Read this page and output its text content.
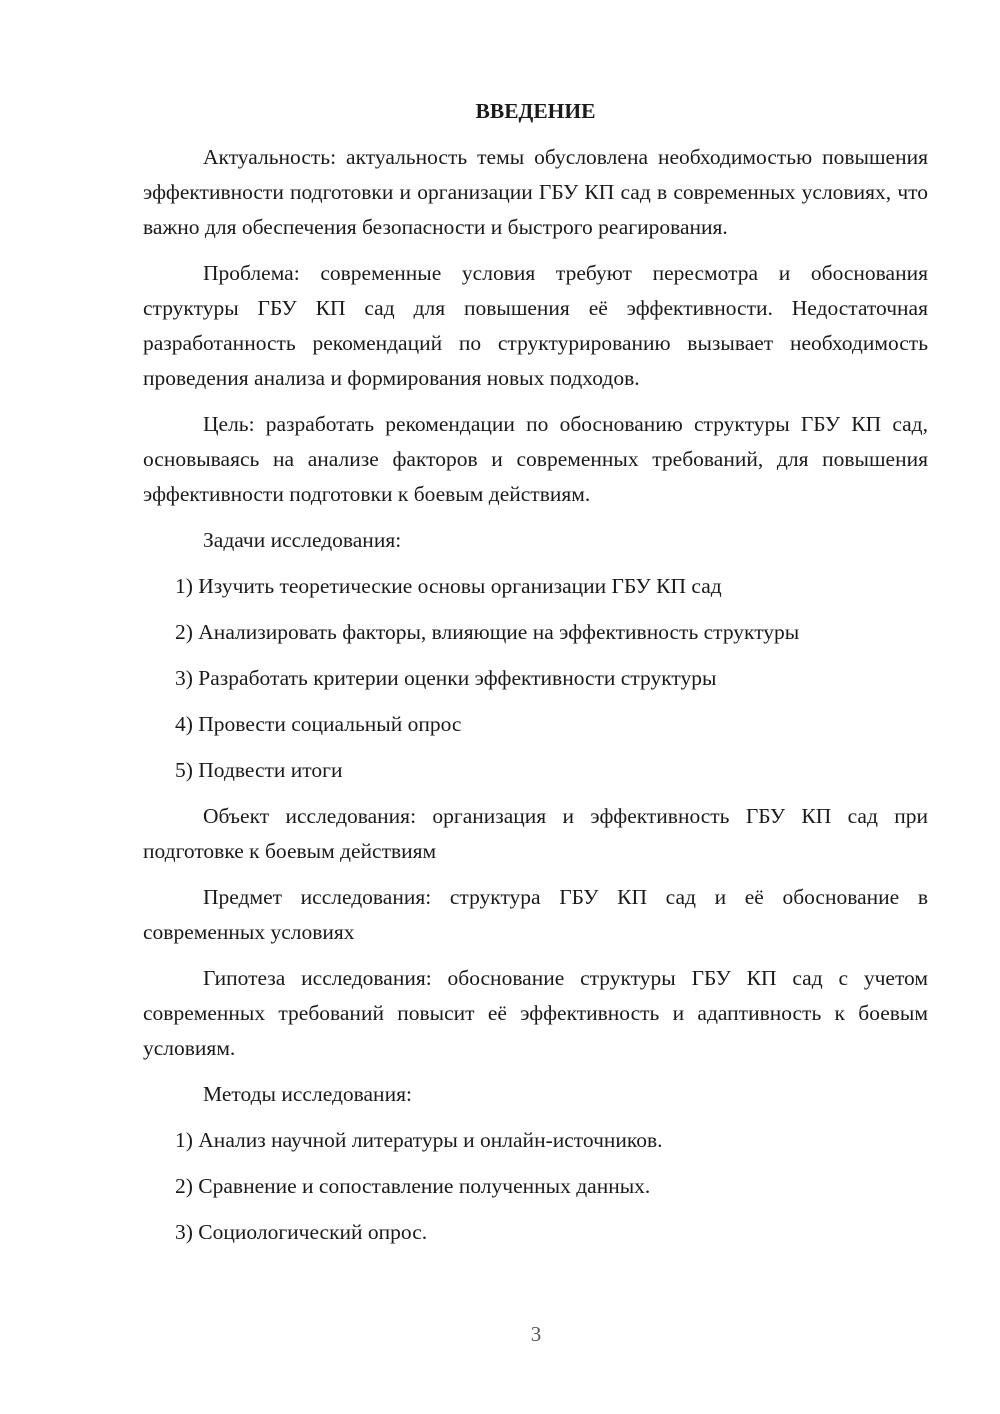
ВВЕДЕНИЕ

Актуальность: актуальность темы обусловлена необходимостью повышения эффективности подготовки и организации ГБУ КП сад в современных условиях, что важно для обеспечения безопасности и быстрого реагирования.

Проблема: современные условия требуют пересмотра и обоснования структуры ГБУ КП сад для повышения её эффективности. Недостаточная разработанность рекомендаций по структурированию вызывает необходимость проведения анализа и формирования новых подходов.

Цель: разработать рекомендации по обоснованию структуры ГБУ КП сад, основываясь на анализе факторов и современных требований, для повышения эффективности подготовки к боевым действиям.

Задачи исследования:

1) Изучить теоретические основы организации ГБУ КП сад
2) Анализировать факторы, влияющие на эффективность структуры
3) Разработать критерии оценки эффективности структуры
4) Провести социальный опрос
5) Подвести итоги

Объект исследования: организация и эффективность ГБУ КП сад при подготовке к боевым действиям

Предмет исследования: структура ГБУ КП сад и её обоснование в современных условиях

Гипотеза исследования: обоснование структуры ГБУ КП сад с учетом современных требований повысит её эффективность и адаптивность к боевым условиям.

Методы исследования:

1) Анализ научной литературы и онлайн-источников.
2) Сравнение и сопоставление полученных данных.
3) Социологический опрос.
3
